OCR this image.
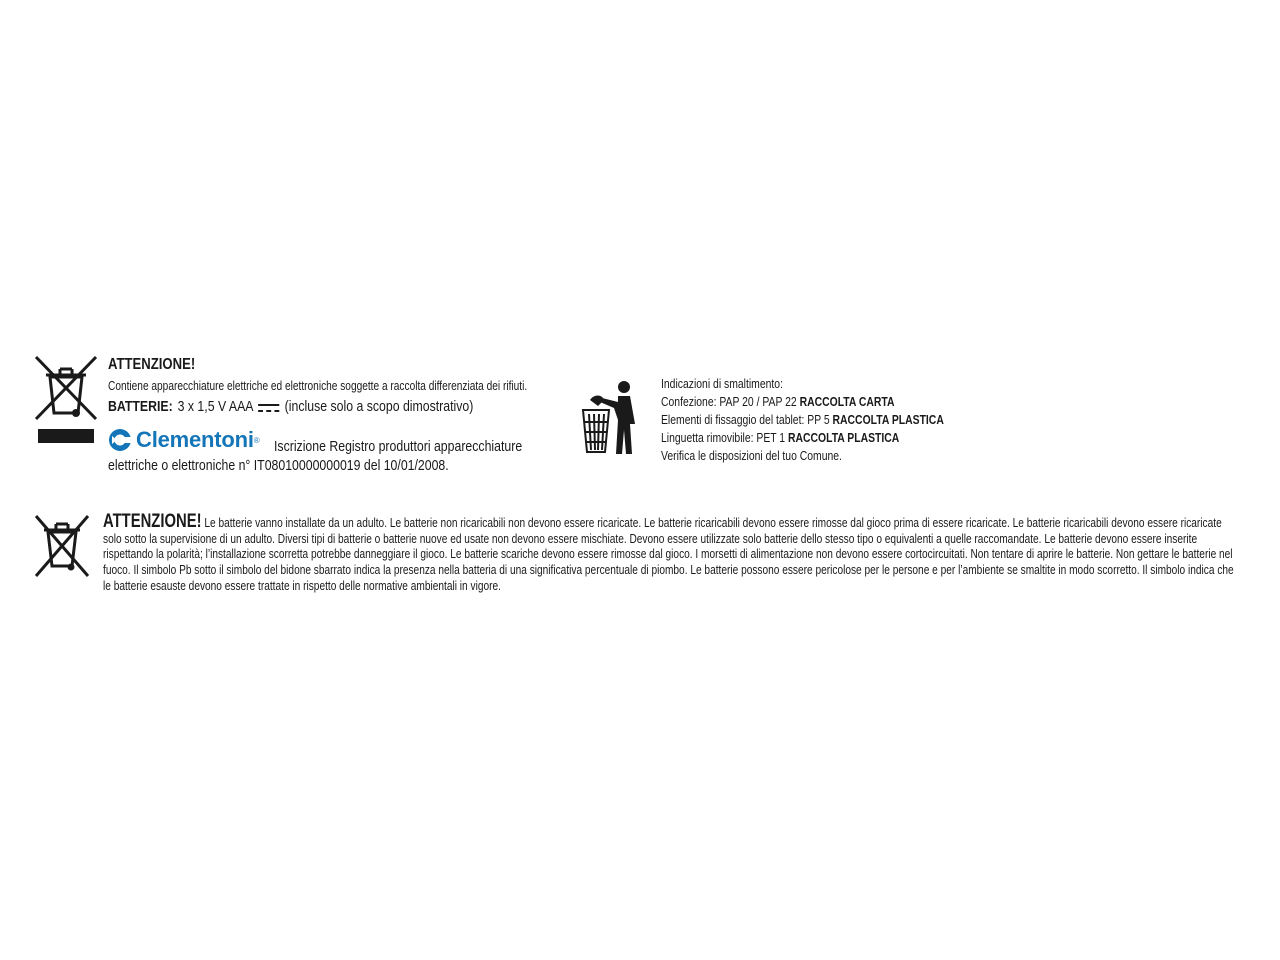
ATTENZIONE!
Contiene apparecchiature elettriche ed elettroniche soggette a raccolta differenziata dei rifiuti.
BATTERIE: 3 x 1,5 V AAA (incluse solo a scopo dimostrativo)
Clementoni ® Iscrizione Registro produttori apparecchiature
elettriche o elettroniche n° IT08010000000019 del 10/01/2008.
Indicazioni di smaltimento:
Confezione: PAP 20 / PAP 22 RACCOLTA CARTA
Elementi di fissaggio del tablet: PP 5 RACCOLTA PLASTICA
Linguetta rimovibile: PET 1 RACCOLTA PLASTICA
Verifica le disposizioni del tuo Comune.
ATTENZIONE! Le batterie vanno installate da un adulto. Le batterie non ricaricabili non devono essere ricaricate. Le batterie ricaricabili devono essere rimosse dal gioco prima di essere ricaricate. Le batterie ricaricabili devono essere ricaricate solo sotto la supervisione di un adulto. Diversi tipi di batterie o batterie nuove ed usate non devono essere mischiate. Devono essere utilizzate solo batterie dello stesso tipo o equivalenti a quelle raccomandate. Le batterie devono essere inserite rispettando la polarità; l’installazione scorretta potrebbe danneggiare il gioco. Le batterie scariche devono essere rimosse dal gioco. I morsetti di alimentazione non devono essere cortocircuitati. Non tentare di aprire le batterie. Non gettare le batterie nel fuoco. Il simbolo Pb sotto il simbolo del bidone sbarrato indica la presenza nella batteria di una significativa percentuale di piombo. Le batterie possono essere pericolose per le persone e per l’ambiente se smaltite in modo scorretto. Il simbolo indica che le batterie esauste devono essere trattate in rispetto delle normative ambientali in vigore.
